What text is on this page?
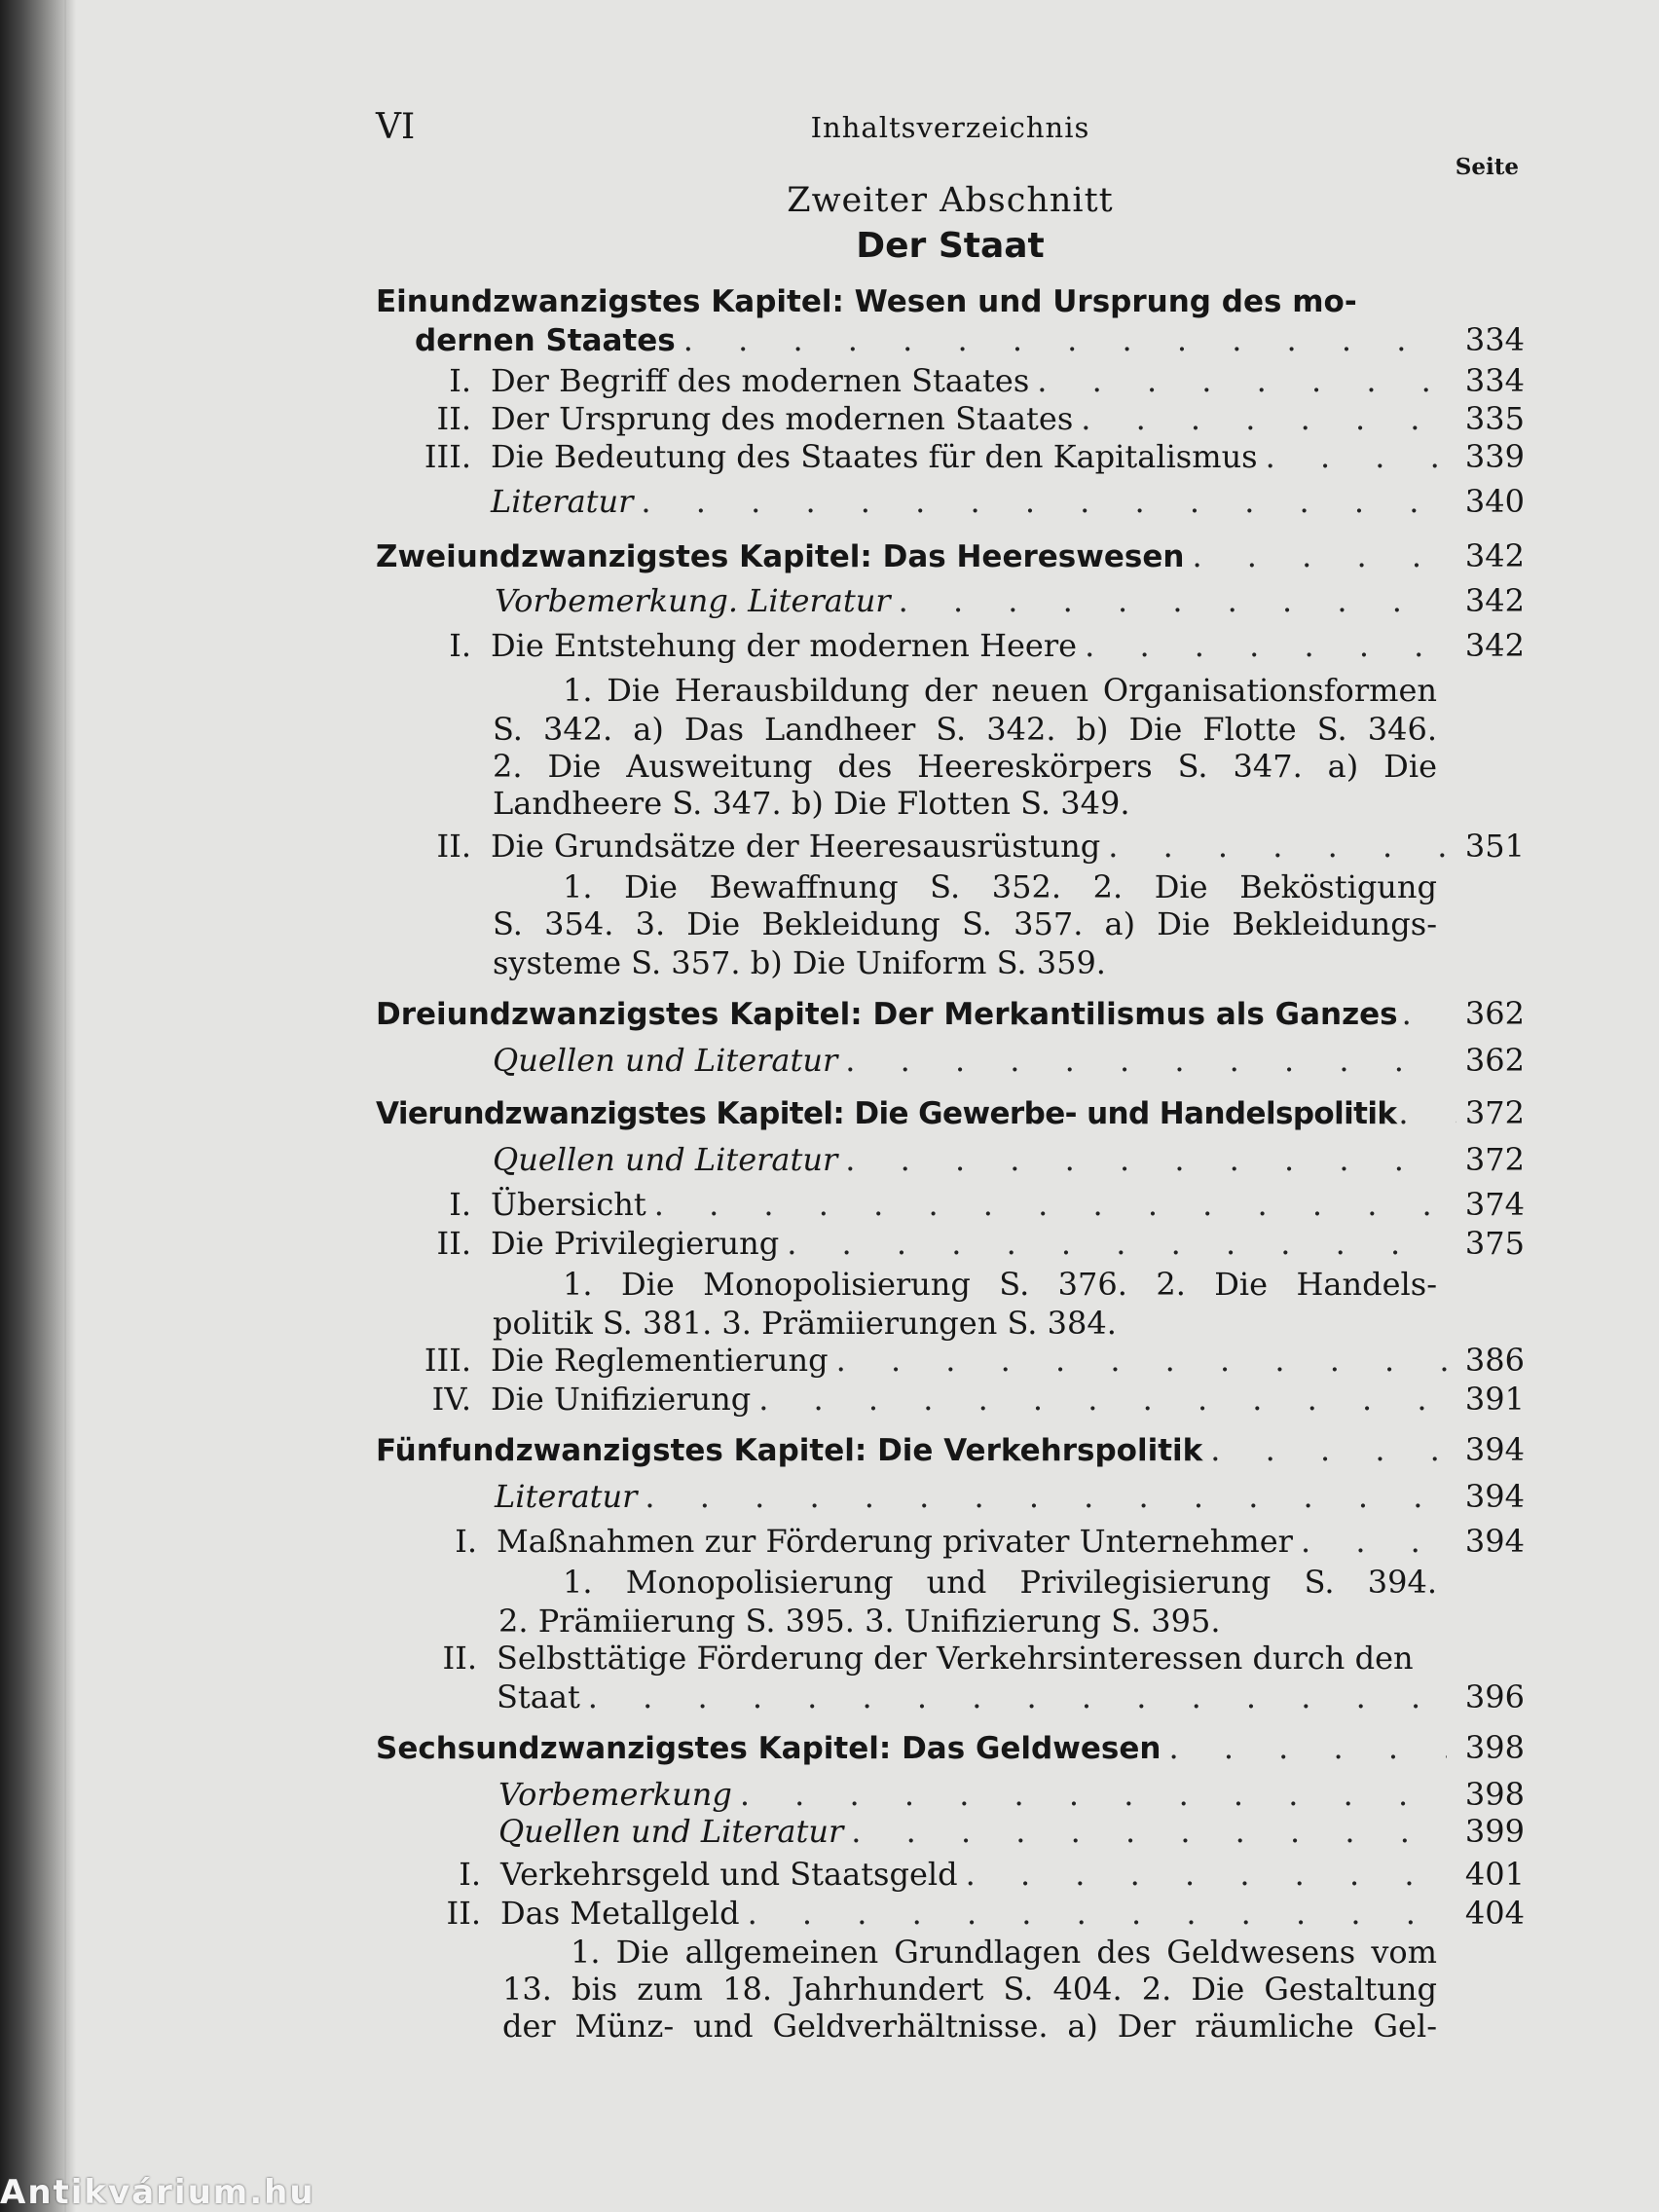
VI	Inhaltsverzeichnis
Seite
Zweiter Abschnitt
Der Staat
Einundzwanzigstes Kapitel: Wesen und Ursprung des mo-
dernen Staates . . .	334
I. Der Begriff des modernen Staates . . .	334
II. Der Ursprung des modernen Staates . . .	335
III. Die Bedeutung des Staates für den Kapitalismus . . .	339
Literatur . . .	340
Zweiundzwanzigstes Kapitel: Das Heereswesen . . .	342
Vorbemerkung. Literatur . . .	342
I. Die Entstehung der modernen Heere . . .	342
1. Die Herausbildung der neuen Organisationsformen
S. 342. a) Das Landheer S. 342. b) Die Flotte S. 346.
2. Die Ausweitung des Heereskörpers S. 347. a) Die
Landheere S. 347. b) Die Flotten S. 349.
II. Die Grundsätze der Heeresausrüstung . . .	351
1. Die Bewaffnung S. 352. 2. Die Beköstigung
S. 354. 3. Die Bekleidung S. 357. a) Die Bekleidungs-
systeme S. 357. b) Die Uniform S. 359.
Dreiundzwanzigstes Kapitel: Der Merkantilismus als Ganzes . . . 362
Quellen und Literatur . . .	362
Vierundzwanzigstes Kapitel: Die Gewerbe- und Handelspolitik . . . 372
Quellen und Literatur . . .	372
I. Übersicht . . .	374
II. Die Privilegierung . . .	375
1. Die Monopolisierung S. 376. 2. Die Handels-
politik S. 381. 3. Prämiierungen S. 384.
III. Die Reglementierung . . .	386
IV. Die Unifizierung . . .	391
Fünfundzwanzigstes Kapitel: Die Verkehrspolitik . . .	394
Literatur . . .	394
I. Maßnahmen zur Förderung privater Unternehmer . . .	394
1. Monopolisierung und Privilegisierung S. 394.
2. Prämiierung S. 395. 3. Unifizierung S. 395.
II. Selbsttätige Förderung der Verkehrsinteressen durch den
Staat . . .	396
Sechsundzwanzigstes Kapitel: Das Geldwesen . . .	398
Vorbemerkung . . .	398
Quellen und Literatur . . .	399
I. Verkehrsgeld und Staatsgeld . . .	401
II. Das Metallgeld . . .	404
1. Die allgemeinen Grundlagen des Geldwesens vom
13. bis zum 18. Jahrhundert S. 404. 2. Die Gestaltung
der Münz- und Geldverhältnisse. a) Der räumliche Gel-
Antikvárium.hu
